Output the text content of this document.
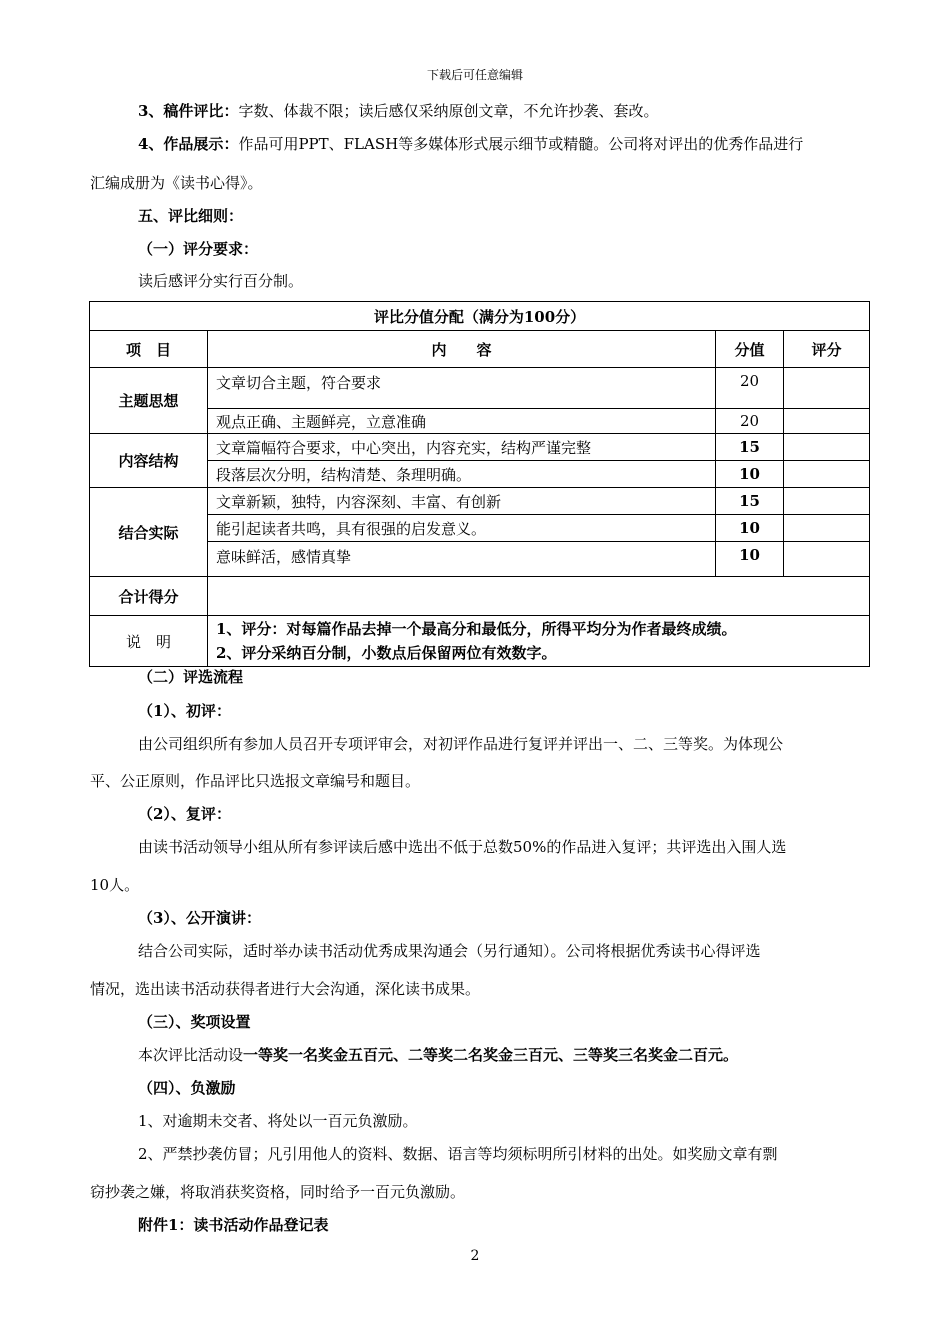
下载后可任意编辑
3、稿件评比：字数、体裁不限；读后感仅采纳原创文章，不允许抄袭、套改。
4、作品展示：作品可用PPT、FLASH等多媒体形式展示细节或精髓。公司将对评出的优秀作品进行
汇编成册为《读书心得》。
五、评比细则：
（一）评分要求：
读后感评分实行百分制。
评比分值分配（满分为100分）			
项　目	内　　容	分值	评分
主题思想	文章切合主题，符合要求	20	
	观点正确、主题鲜亮，立意准确	20	
内容结构	文章篇幅符合要求，中心突出，内容充实，结构严谨完整	15	
	段落层次分明，结构清楚、条理明确。	10	
结合实际	文章新颖，独特，内容深刻、丰富、有创新	15	
	能引起读者共鸣，具有很强的启发意义。	10	
	意味鲜活，感情真挚	10	
合计得分			
说　明	1、评分：对每篇作品去掉一个最高分和最低分，所得平均分为作者最终成绩。
2、评分采纳百分制，小数点后保留两位有效数字。		
（二）评选流程
（1）、初评：
由公司组织所有参加人员召开专项评审会，对初评作品进行复评并评出一、二、三等奖。为体现公
平、公正原则，作品评比只选报文章编号和题目。
（2）、复评：
由读书活动领导小组从所有参评读后感中选出不低于总数50%的作品进入复评；共评选出入围人选
10人。
（3）、公开演讲：
结合公司实际，适时举办读书活动优秀成果沟通会（另行通知）。公司将根据优秀读书心得评选
情况，选出读书活动获得者进行大会沟通，深化读书成果。
（三）、奖项设置
本次评比活动设一等奖一名奖金五百元、二等奖二名奖金三百元、三等奖三名奖金二百元。
（四）、负激励
1、对逾期未交者、将处以一百元负激励。
2、严禁抄袭仿冒；凡引用他人的资料、数据、语言等均须标明所引材料的出处。如奖励文章有剽
窃抄袭之嫌，将取消获奖资格，同时给予一百元负激励。
附件1：读书活动作品登记表
2
